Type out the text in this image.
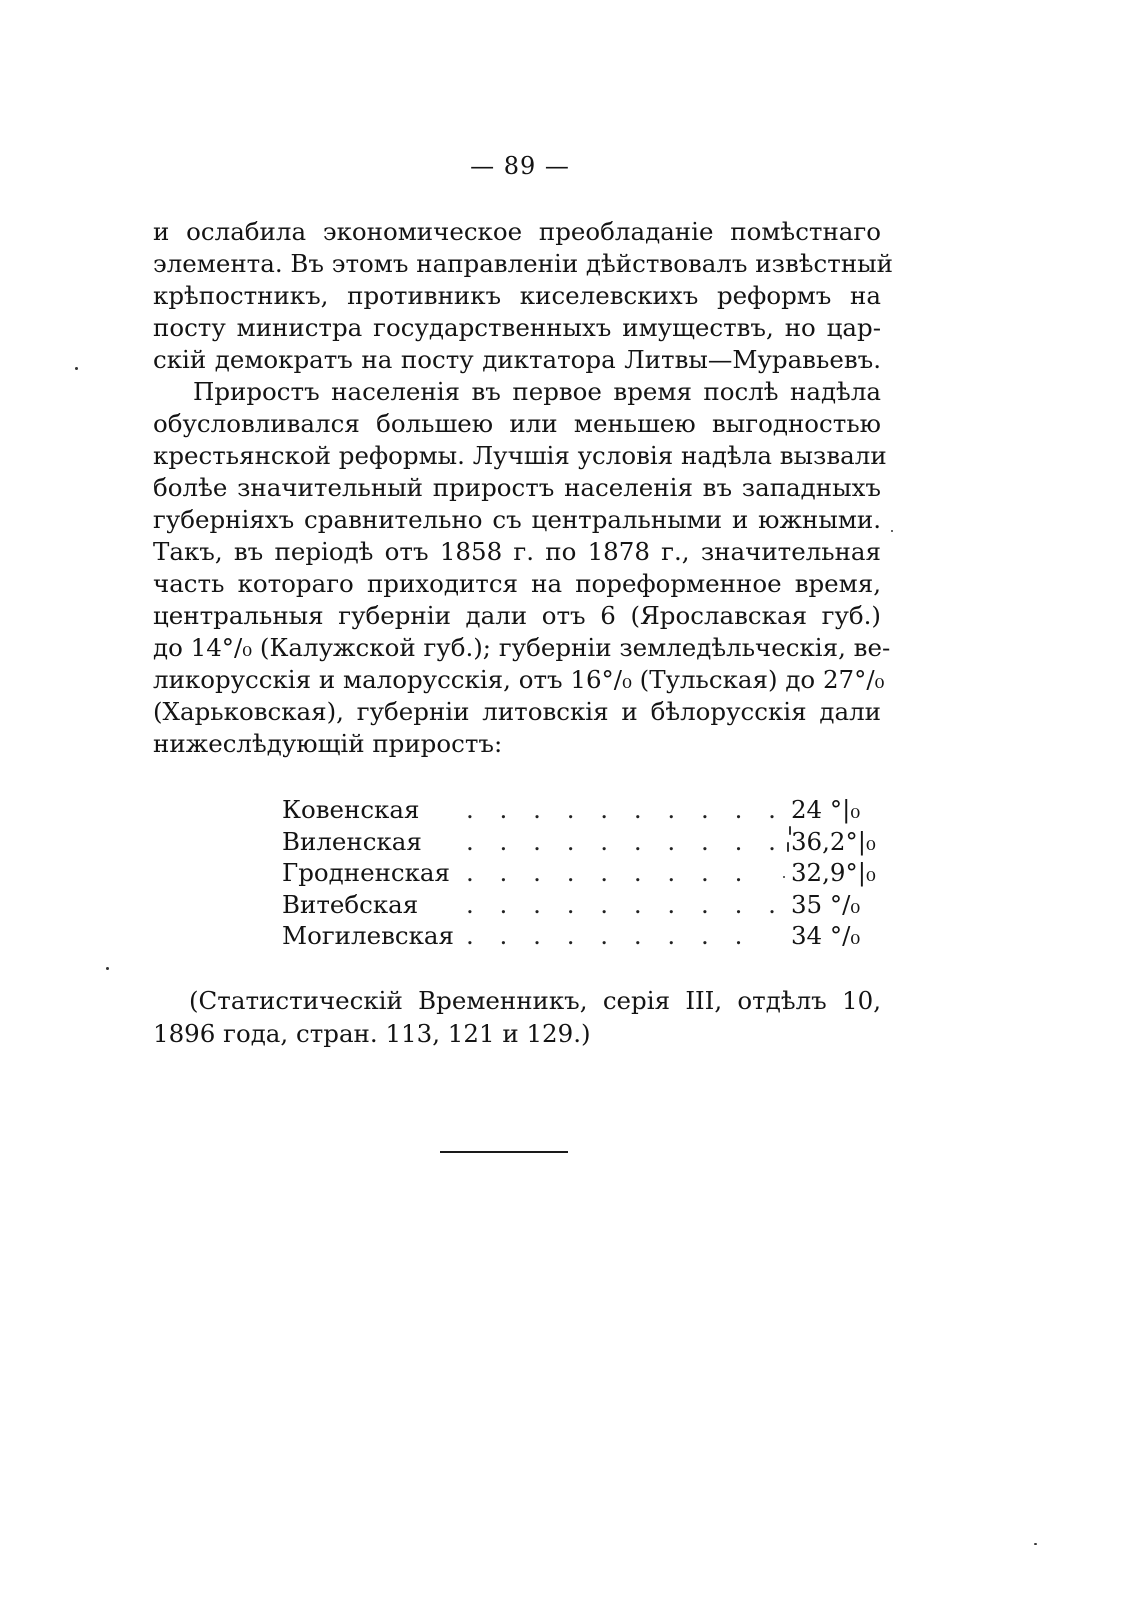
— 89 —
и ослабила экономическое преобладаніе помѣстнаго
элемента. Въ этомъ направленіи дѣйствовалъ извѣстный
крѣпостникъ, противникъ киселевскихъ реформъ на
посту министра государственныхъ имуществъ, но цар-
скій демократъ на посту диктатора Литвы—Муравьевъ.
Приростъ населенія въ первое время послѣ надѣла
обусловливался большею или меньшею выгодностью
крестьянской реформы. Лучшія условія надѣла вызвали
болѣе значительный приростъ населенія въ западныхъ
губерніяхъ сравнительно съ центральными и южными.
Такъ, въ періодѣ отъ 1858 г. по 1878 г., значительная
часть котораго приходится на пореформенное время,
центральныя губерніи дали отъ 6 (Ярославская губ.)
до 14°/₀ (Калужской губ.); губерніи земледѣльческія, ве-
ликорусскія и малорусскія, отъ 16°/₀ (Тульская) до 27°/₀
(Харьковская), губерніи литовскія и бѣлорусскія дали
нижеслѣдующій приростъ:
Ковенская	. . . . . . . . . .	24 °|₀
Виленская	. . . . . . . . . .	36,2°|₀
Гродненская	. . . . . . . . .	32,9°|₀
Витебская	. . . . . . . . . .	35 °/₀
Могилевская	. . . . . . . . .	34 °/₀
(Статистическій Временникъ, серія III, отдѣлъ 10,
1896 года, стран. 113, 121 и 129.)
